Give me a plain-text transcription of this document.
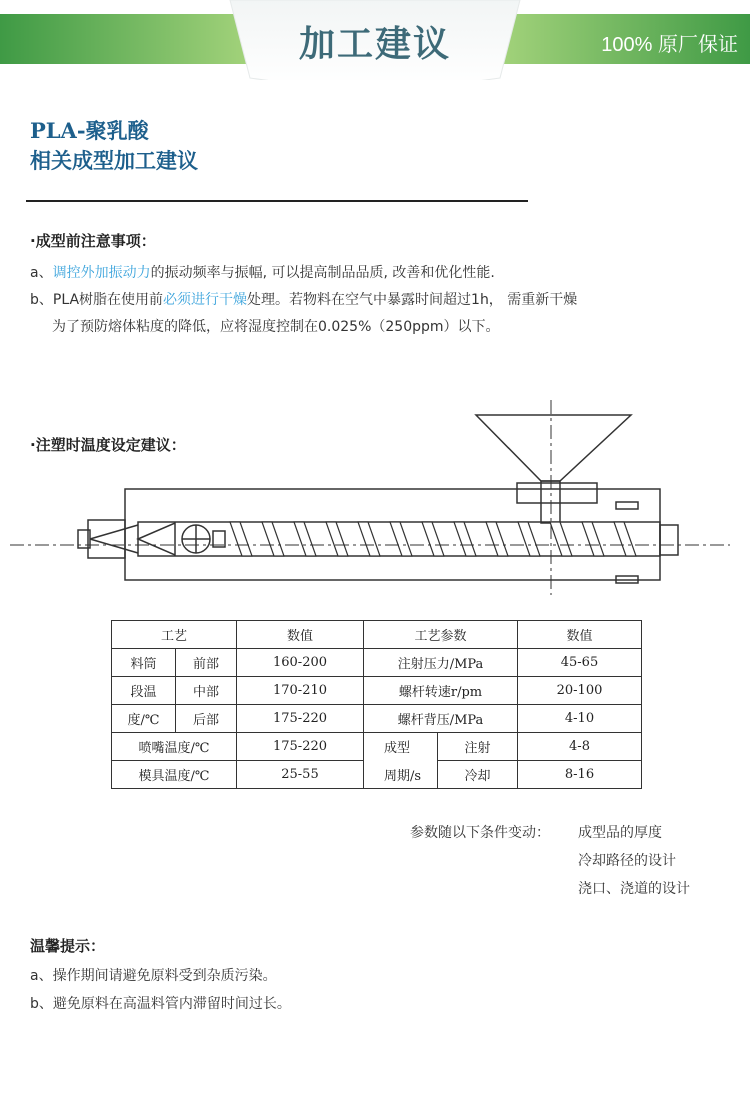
加工建议	100% 原厂保证
PLA-聚乳酸
相关成型加工建议
·成型前注意事项：
a、调控外加振动力的振动频率与振幅, 可以提高制品品质, 改善和优化性能.
b、PLA树脂在使用前必须进行干燥处理。若物料在空气中暴露时间超过1h， 需重新干燥
为了预防熔体粘度的降低，应将湿度控制在0.025%（250ppm）以下。
·注塑时温度设定建议：
工艺		数值	工艺参数		数值
料筒	前部	160-200	注射压力/MPa		45-65
段温	中部	170-210	螺杆转速r/pm		20-100
度/℃	后部	175-220	螺杆背压/MPa		4-10
喷嘴温度/℃		175-220	成型	注射	4-8
模具温度/℃		25-55	周期/s	冷却	8-16
参数随以下条件变动： 成型品的厚度
冷却路径的设计
浇口、浇道的设计
温馨提示：
a、操作期间请避免原料受到杂质污染。
b、避免原料在高温料管内滞留时间过长。
